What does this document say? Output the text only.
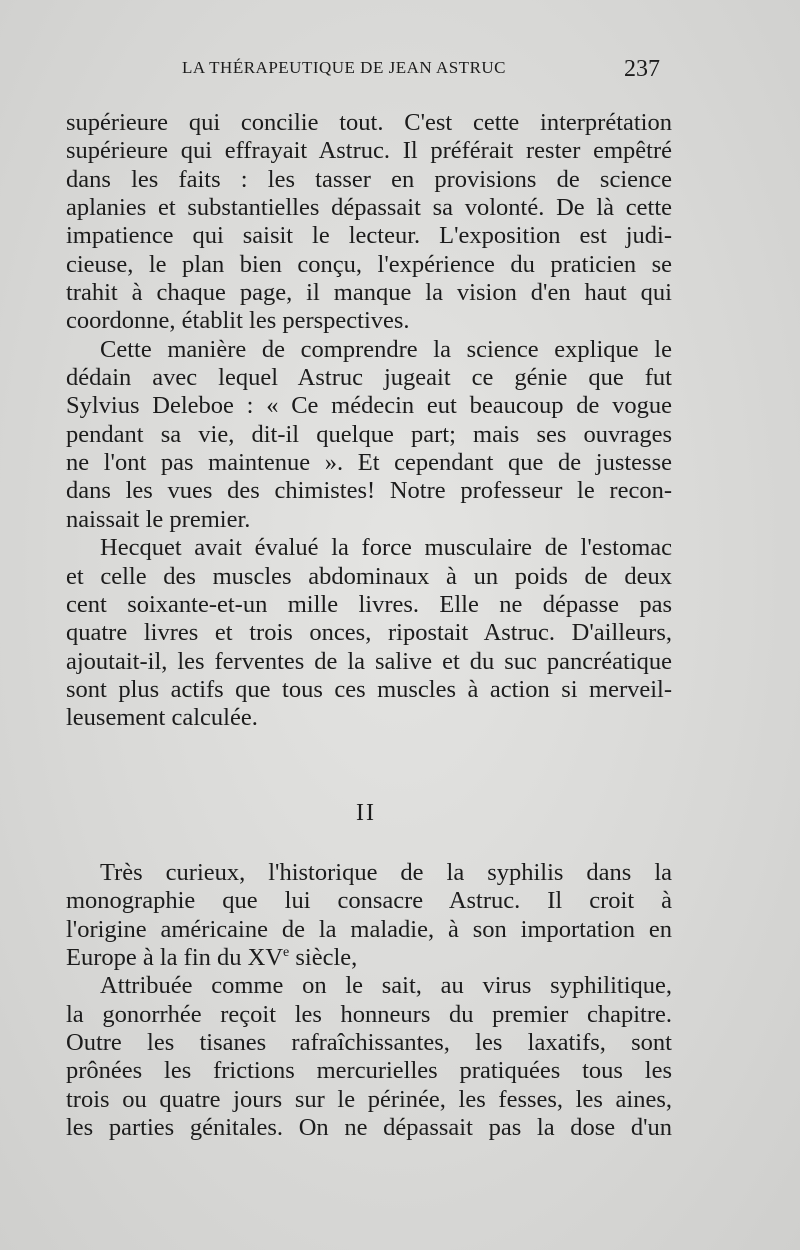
LA THÉRAPEUTIQUE DE JEAN ASTRUC	237
supérieure qui concilie tout. C'est cette interprétation
supérieure qui effrayait Astruc. Il préférait rester empêtré
dans les faits : les tasser en provisions de science
aplanies et substantielles dépassait sa volonté. De là cette
impatience qui saisit le lecteur. L'exposition est judi-
cieuse, le plan bien conçu, l'expérience du praticien se
trahit à chaque page, il manque la vision d'en haut qui
coordonne, établit les perspectives.
Cette manière de comprendre la science explique le
dédain avec lequel Astruc jugeait ce génie que fut
Sylvius Deleboe : « Ce médecin eut beaucoup de vogue
pendant sa vie, dit-il quelque part; mais ses ouvrages
ne l'ont pas maintenue ». Et cependant que de justesse
dans les vues des chimistes! Notre professeur le recon-
naissait le premier.
Hecquet avait évalué la force musculaire de l'estomac
et celle des muscles abdominaux à un poids de deux
cent soixante-et-un mille livres. Elle ne dépasse pas
quatre livres et trois onces, ripostait Astruc. D'ailleurs,
ajoutait-il, les ferventes de la salive et du suc pancréatique
sont plus actifs que tous ces muscles à action si merveil-
leusement calculée.
II
Très curieux, l'historique de la syphilis dans la
monographie que lui consacre Astruc. Il croit à
l'origine américaine de la maladie, à son importation en
Europe à la fin du XVe siècle,
Attribuée comme on le sait, au virus syphilitique,
la gonorrhée reçoit les honneurs du premier chapitre.
Outre les tisanes rafraîchissantes, les laxatifs, sont
prônées les frictions mercurielles pratiquées tous les
trois ou quatre jours sur le périnée, les fesses, les aines,
les parties génitales. On ne dépassait pas la dose d'un
